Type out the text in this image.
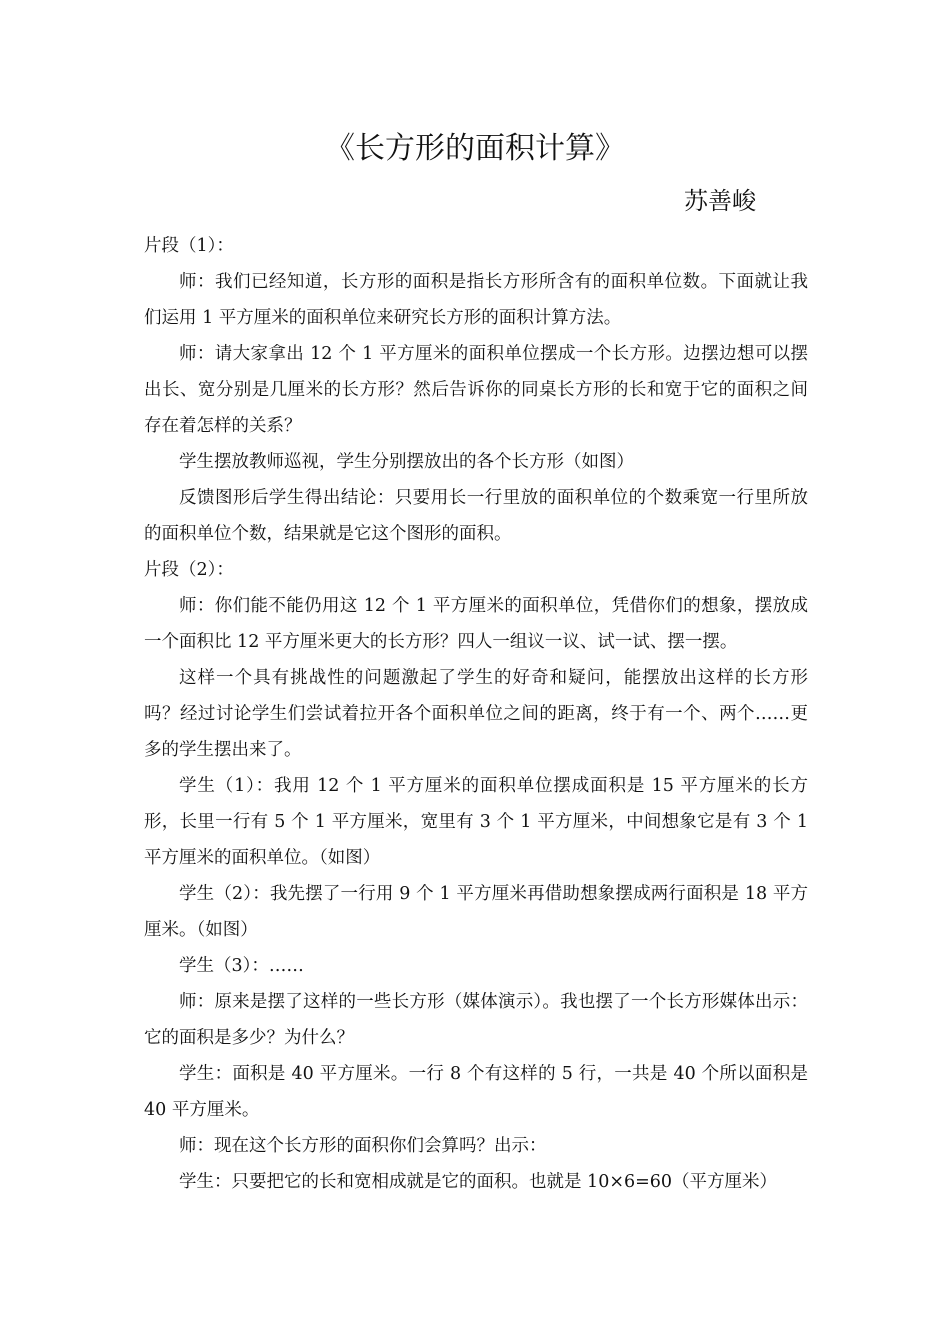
《长方形的面积计算》
苏善峻

片段（1）：

师：我们已经知道，长方形的面积是指长方形所含有的面积单位数。下面就让我们运用 1 平方厘米的面积单位来研究长方形的面积计算方法。

师：请大家拿出 12 个 1 平方厘米的面积单位摆成一个长方形。边摆边想可以摆出长、宽分别是几厘米的长方形？然后告诉你的同桌长方形的长和宽于它的面积之间存在着怎样的关系？

学生摆放教师巡视，学生分别摆放出的各个长方形（如图）

反馈图形后学生得出结论：只要用长一行里放的面积单位的个数乘宽一行里所放的面积单位个数，结果就是它这个图形的面积。

片段（2）：

师：你们能不能仍用这 12 个 1 平方厘米的面积单位，凭借你们的想象，摆放成一个面积比 12 平方厘米更大的长方形？四人一组议一议、试一试、摆一摆。

这样一个具有挑战性的问题激起了学生的好奇和疑问，能摆放出这样的长方形吗？经过讨论学生们尝试着拉开各个面积单位之间的距离，终于有一个、两个……更多的学生摆出来了。

学生（1）：我用 12 个 1 平方厘米的面积单位摆成面积是 15 平方厘米的长方形，长里一行有 5 个 1 平方厘米，宽里有 3 个 1 平方厘米，中间想象它是有 3 个 1 平方厘米的面积单位。（如图）

学生（2）：我先摆了一行用 9 个 1 平方厘米再借助想象摆成两行面积是 18 平方厘米。（如图）

学生（3）：……

师：原来是摆了这样的一些长方形（媒体演示）。我也摆了一个长方形媒体出示：它的面积是多少？为什么？

学生：面积是 40 平方厘米。一行 8 个有这样的 5 行，一共是 40 个所以面积是 40 平方厘米。

师：现在这个长方形的面积你们会算吗？出示：

学生：只要把它的长和宽相成就是它的面积。也就是 10×6=60（平方厘米）
